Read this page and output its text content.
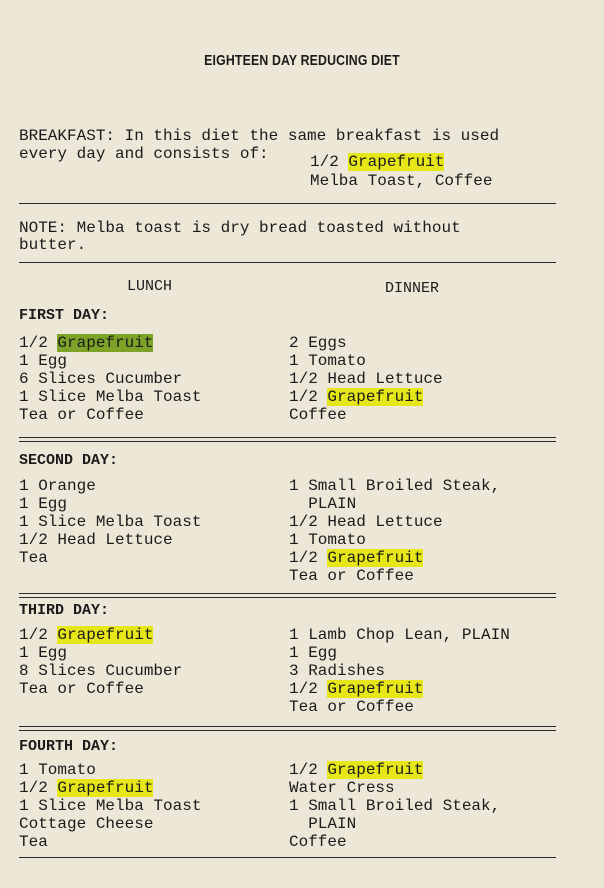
EIGHTEEN DAY REDUCING DIET
BREAKFAST: In this diet the same breakfast is used
every day and consists of:	1/2 Grapefruit
Melba Toast, Coffee
NOTE: Melba toast is dry bread toasted without
butter.
LUNCH	DINNER
FIRST DAY:
1/2 Grapefruit
1 Egg
6 Slices Cucumber
1 Slice Melba Toast
Tea or Coffee
2 Eggs
1 Tomato
1/2 Head Lettuce
1/2 Grapefruit
Coffee
SECOND DAY:
1 Orange
1 Egg
1 Slice Melba Toast
1/2 Head Lettuce
Tea
1 Small Broiled Steak,
PLAIN
1/2 Head Lettuce
1 Tomato
1/2 Grapefruit
Tea or Coffee
THIRD DAY:
1/2 Grapefruit
1 Egg
8 Slices Cucumber
Tea or Coffee
1 Lamb Chop Lean, PLAIN
1 Egg
3 Radishes
1/2 Grapefruit
Tea or Coffee
FOURTH DAY:
1 Tomato
1/2 Grapefruit
1 Slice Melba Toast
Cottage Cheese
Tea
1/2 Grapefruit
Water Cress
1 Small Broiled Steak,
PLAIN
Coffee
